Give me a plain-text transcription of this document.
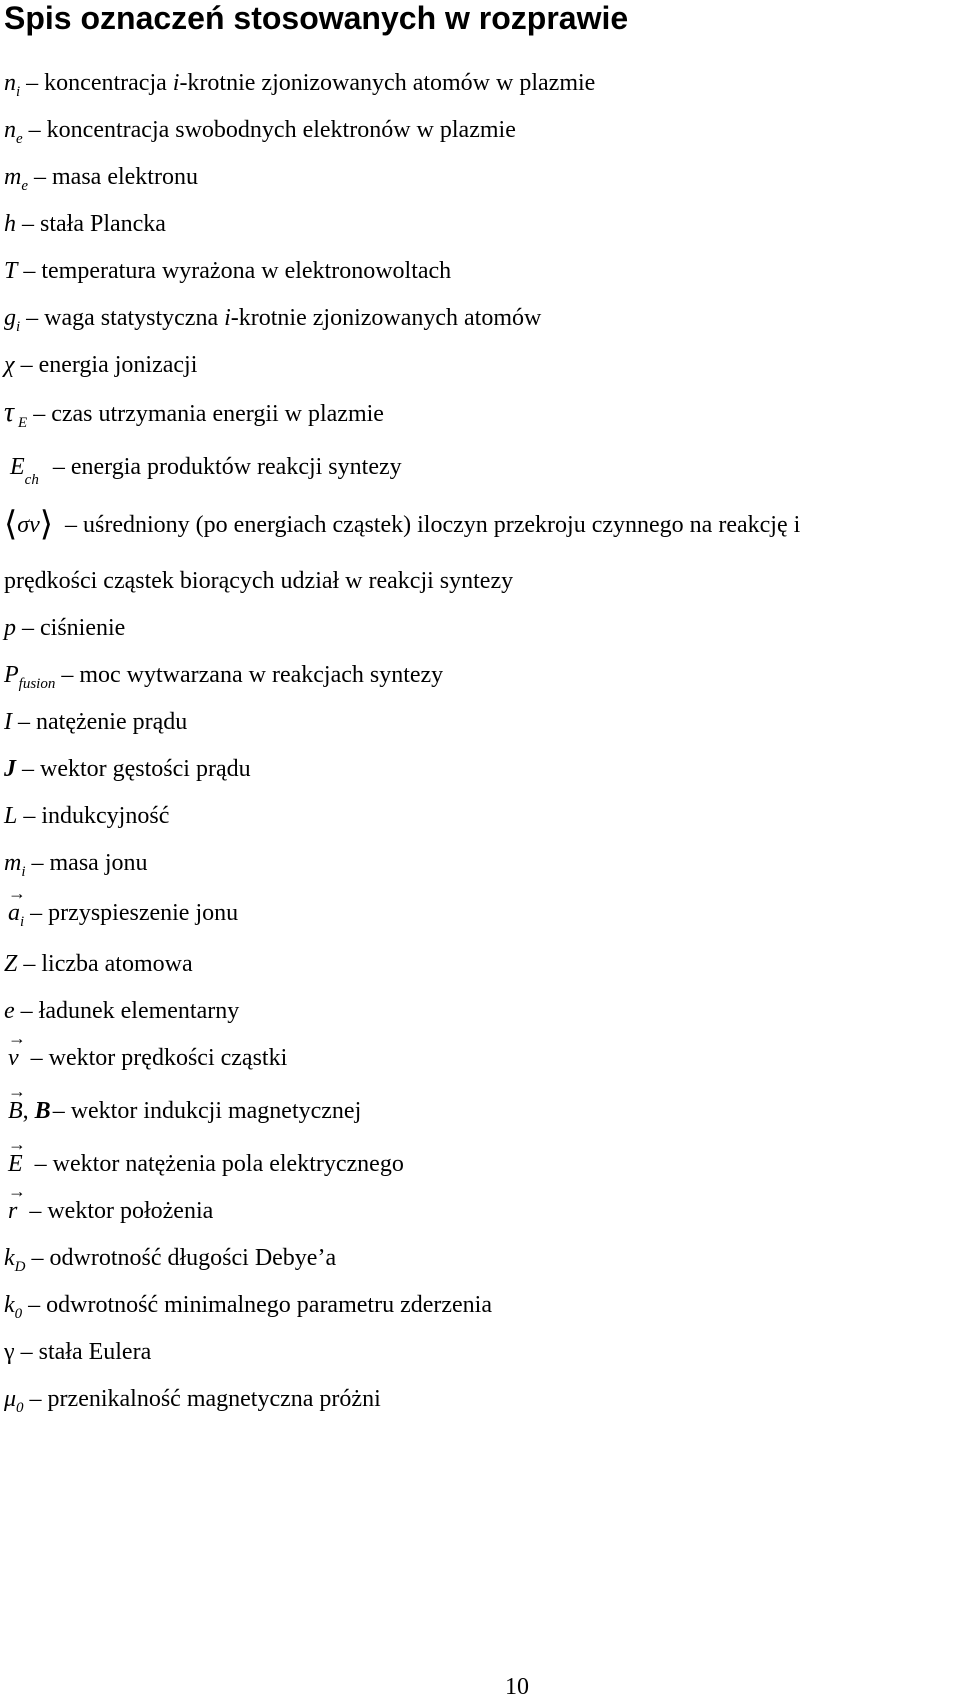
Spis oznaczeń stosowanych w rozprawie
$n_i$ – koncentracja i-krotnie zjonizowanych atomów w plazmie
$n_e$ – koncentracja swobodnych elektronów w plazmie
$m_e$ – masa elektronu
h – stała Plancka
T – temperatura wyrażona w elektronowoltach
$g_i$ – waga statystyczna i-krotnie zjonizowanych atomów
χ – energia jonizacji
τ $_E$ – czas utrzymania energii w plazmie
$E_{ch}$ – energia produktów reakcji syntezy
⟨σv⟩ – uśredniony (po energiach cząstek) iloczyn przekroju czynnego na reakcję i
prędkości cząstek biorących udział w reakcji syntezy
p – ciśnienie
$P_{fusion}$ – moc wytwarzana w reakcjach syntezy
I – natężenie prądu
J – wektor gęstości prądu
L – indukcyjność
$m_i$ – masa jonu
→ $a_i$ – przyspieszenie jonu
Z – liczba atomowa
e – ładunek elementarny
→ v – wektor prędkości cząstki
→ B, B– wektor indukcji magnetycznej
→ E – wektor natężenia pola elektrycznego
→ r – wektor położenia
$k_D$ – odwrotność długości Debye’a
$k_0$ – odwrotność minimalnego parametru zderzenia
γ – stała Eulera
$\mu_0$ – przenikalność magnetyczna próżni
10
